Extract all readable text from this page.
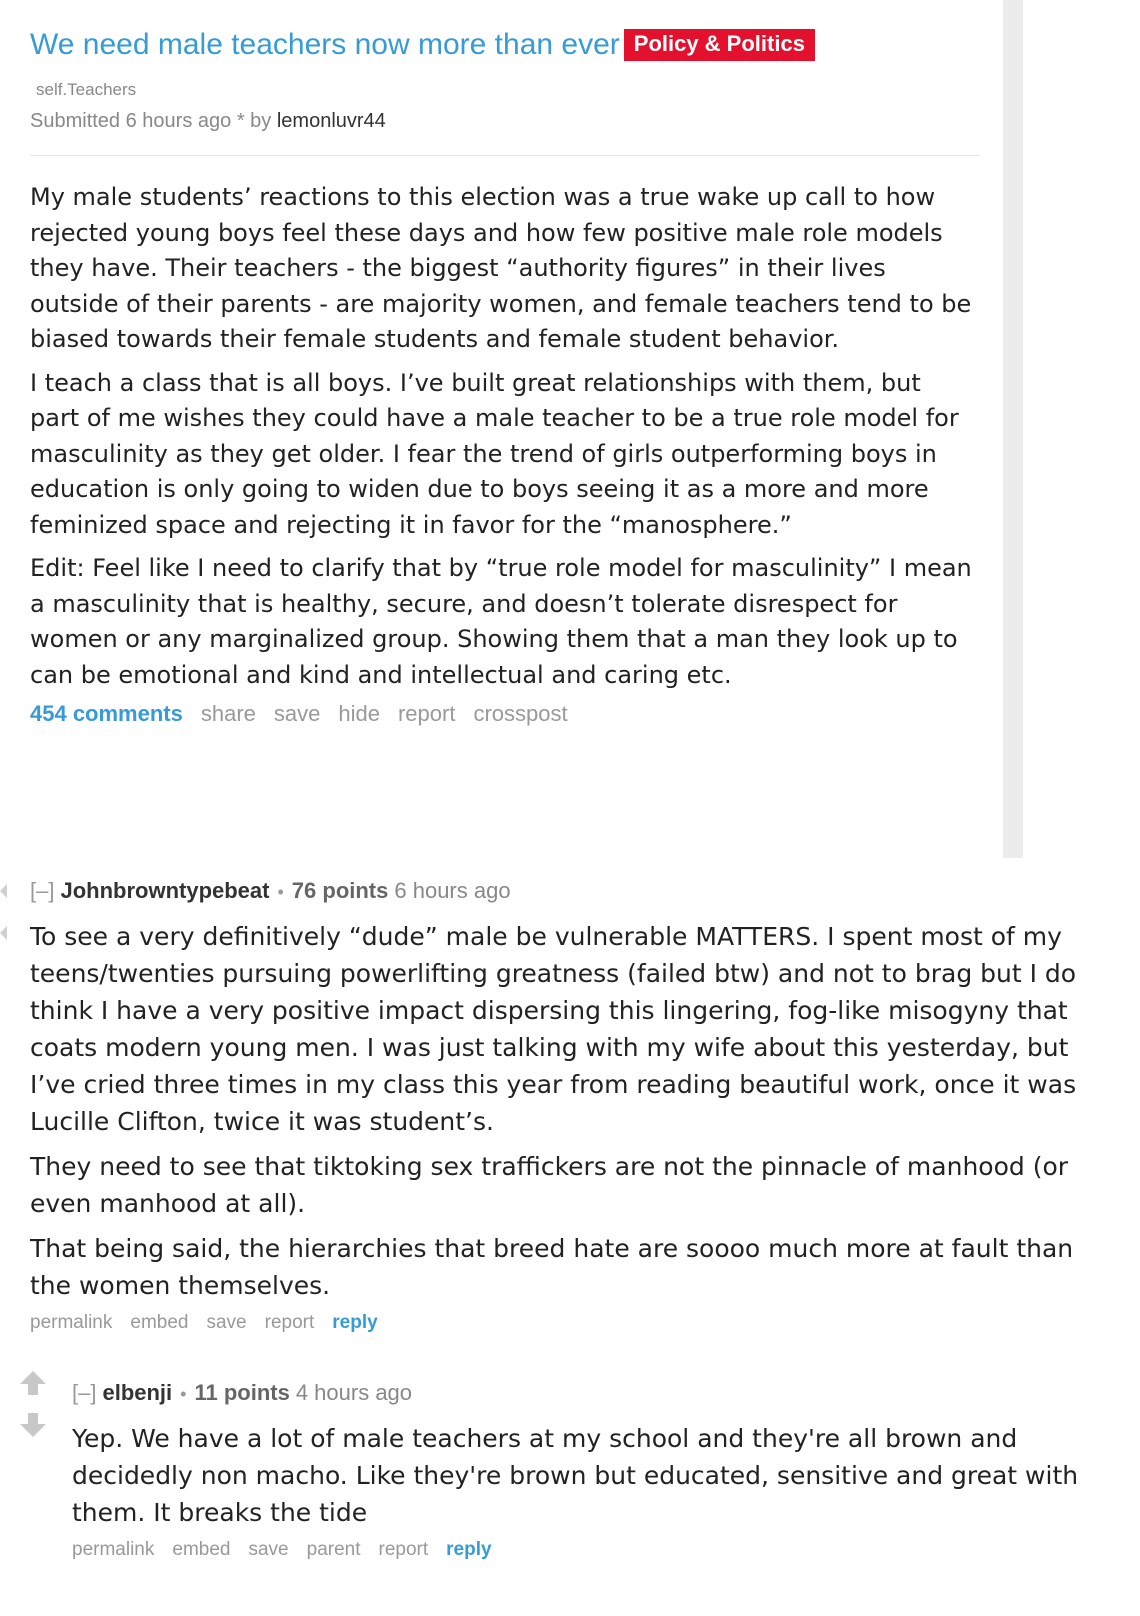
We need male teachers now more than ever Policy & Politics
self.Teachers
Submitted 6 hours ago * by lemonluvr44

My male students’ reactions to this election was a true wake up call to how rejected young boys feel these days and how few positive male role models they have. Their teachers - the biggest “authority figures” in their lives outside of their parents - are majority women, and female teachers tend to be biased towards their female students and female student behavior.

I teach a class that is all boys. I’ve built great relationships with them, but part of me wishes they could have a male teacher to be a true role model for masculinity as they get older. I fear the trend of girls outperforming boys in education is only going to widen due to boys seeing it as a more and more feminized space and rejecting it in favor for the “manosphere.”

Edit: Feel like I need to clarify that by “true role model for masculinity” I mean a masculinity that is healthy, secure, and doesn’t tolerate disrespect for women or any marginalized group. Showing them that a man they look up to can be emotional and kind and intellectual and caring etc.

454 comments share save hide report crosspost
[–] Johnbrowntypebeat • 76 points 6 hours ago

To see a very definitively “dude” male be vulnerable MATTERS. I spent most of my teens/twenties pursuing powerlifting greatness (failed btw) and not to brag but I do think I have a very positive impact dispersing this lingering, fog-like misogyny that coats modern young men. I was just talking with my wife about this yesterday, but I’ve cried three times in my class this year from reading beautiful work, once it was Lucille Clifton, twice it was student’s.

They need to see that tiktoking sex traffickers are not the pinnacle of manhood (or even manhood at all).

That being said, the hierarchies that breed hate are soooo much more at fault than the women themselves.

permalink embed save report reply
[–] elbenji • 11 points 4 hours ago

Yep. We have a lot of male teachers at my school and they're all brown and decidedly non macho. Like they're brown but educated, sensitive and great with them. It breaks the tide

permalink embed save parent report reply
